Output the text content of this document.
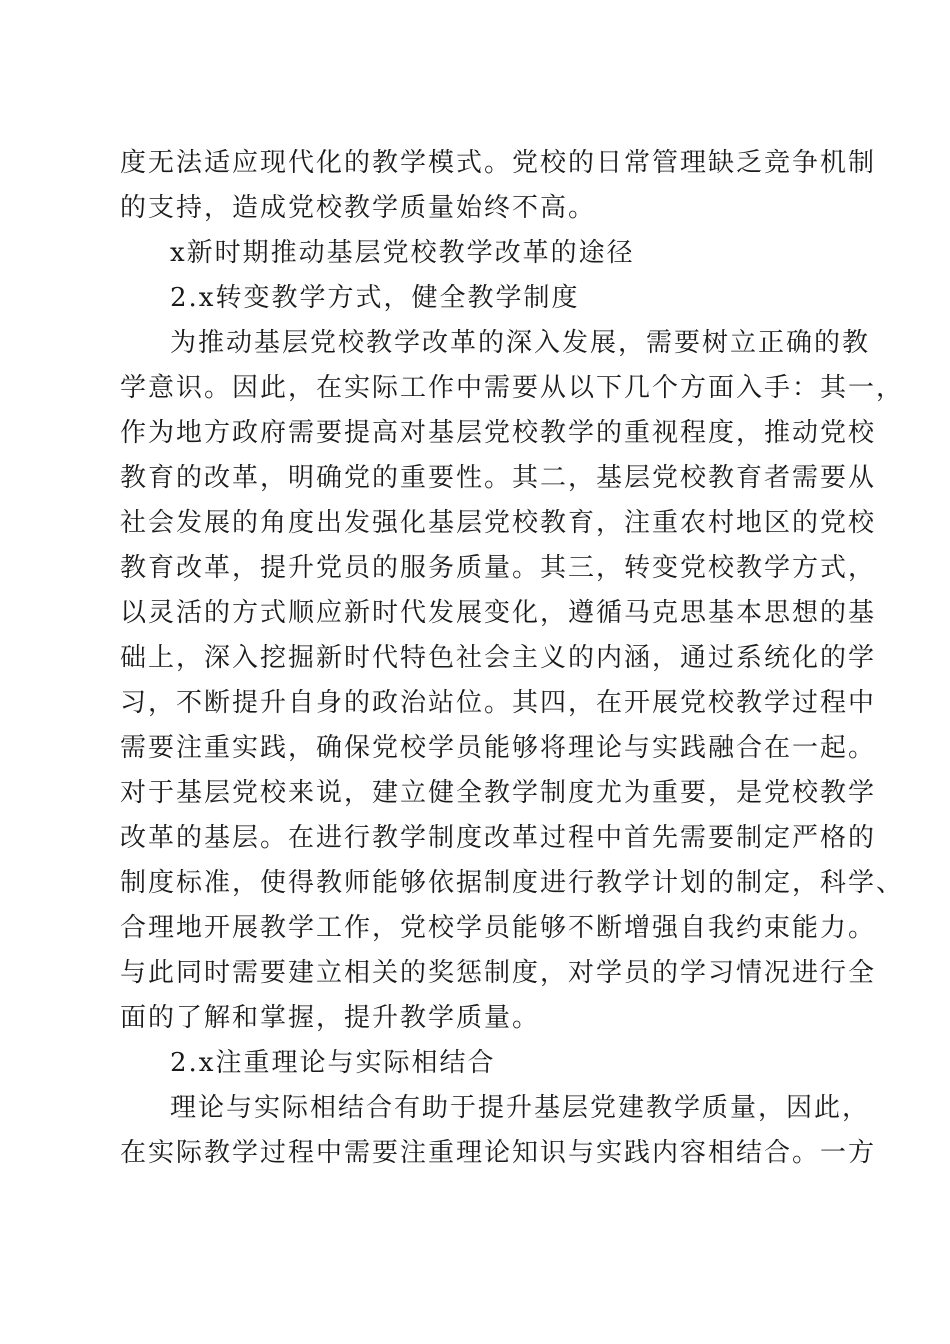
度无法适应现代化的教学模式。党校的日常管理缺乏竞争机制
的支持，造成党校教学质量始终不高。
x新时期推动基层党校教学改革的途径
2.x转变教学方式，健全教学制度
为推动基层党校教学改革的深入发展，需要树立正确的教
学意识。因此，在实际工作中需要从以下几个方面入手：其一，
作为地方政府需要提高对基层党校教学的重视程度，推动党校
教育的改革，明确党的重要性。其二，基层党校教育者需要从
社会发展的角度出发强化基层党校教育，注重农村地区的党校
教育改革，提升党员的服务质量。其三，转变党校教学方式，
以灵活的方式顺应新时代发展变化，遵循马克思基本思想的基
础上，深入挖掘新时代特色社会主义的内涵，通过系统化的学
习，不断提升自身的政治站位。其四，在开展党校教学过程中
需要注重实践，确保党校学员能够将理论与实践融合在一起。
对于基层党校来说，建立健全教学制度尤为重要，是党校教学
改革的基层。在进行教学制度改革过程中首先需要制定严格的
制度标准，使得教师能够依据制度进行教学计划的制定，科学、
合理地开展教学工作，党校学员能够不断增强自我约束能力。
与此同时需要建立相关的奖惩制度，对学员的学习情况进行全
面的了解和掌握，提升教学质量。
2.x注重理论与实际相结合
理论与实际相结合有助于提升基层党建教学质量，因此，
在实际教学过程中需要注重理论知识与实践内容相结合。一方
